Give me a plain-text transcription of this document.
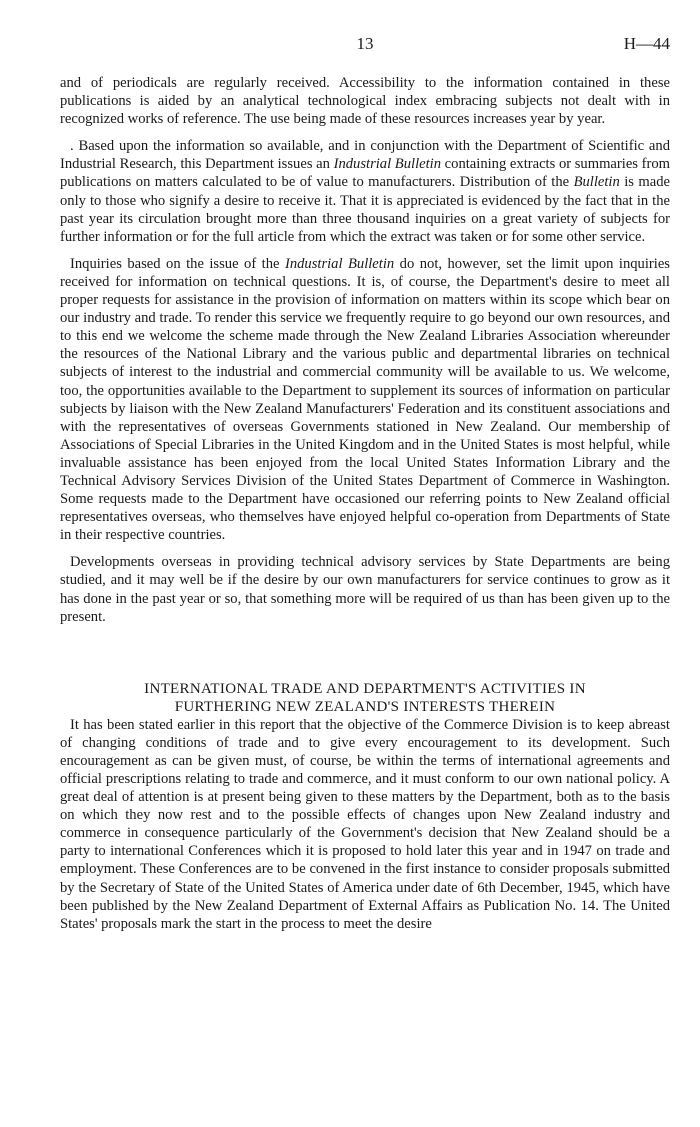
13	H—44

and of periodicals are regularly received. Accessibility to the information contained in these publications is aided by an analytical technological index embracing subjects not dealt with in recognized works of reference. The use being made of these resources increases year by year.

. Based upon the information so available, and in conjunction with the Department of Scientific and Industrial Research, this Department issues an Industrial Bulletin containing extracts or summaries from publications on matters calculated to be of value to manufacturers. Distribution of the Bulletin is made only to those who signify a desire to receive it. That it is appreciated is evidenced by the fact that in the past year its circulation brought more than three thousand inquiries on a great variety of subjects for further information or for the full article from which the extract was taken or for some other service.

Inquiries based on the issue of the Industrial Bulletin do not, however, set the limit upon inquiries received for information on technical questions. It is, of course, the Department's desire to meet all proper requests for assistance in the provision of information on matters within its scope which bear on our industry and trade. To render this service we frequently require to go beyond our own resources, and to this end we welcome the scheme made through the New Zealand Libraries Association whereunder the resources of the National Library and the various public and departmental libraries on technical subjects of interest to the industrial and commercial community will be available to us. We welcome, too, the opportunities available to the Department to supplement its sources of information on particular subjects by liaison with the New Zealand Manufacturers' Federation and its constituent associations and with the representatives of overseas Governments stationed in New Zealand. Our membership of Associations of Special Libraries in the United Kingdom and in the United States is most helpful, while invaluable assistance has been enjoyed from the local United States Information Library and the Technical Advisory Services Division of the United States Department of Commerce in Washington. Some requests made to the Department have occasioned our referring points to New Zealand official representatives overseas, who themselves have enjoyed helpful co-operation from Departments of State in their respective countries.

Developments overseas in providing technical advisory services by State Departments are being studied, and it may well be if the desire by our own manufacturers for service continues to grow as it has done in the past year or so, that something more will be required of us than has been given up to the present.

INTERNATIONAL TRADE AND DEPARTMENT'S ACTIVITIES IN
FURTHERING NEW ZEALAND'S INTERESTS THEREIN

It has been stated earlier in this report that the objective of the Commerce Division is to keep abreast of changing conditions of trade and to give every encouragement to its development. Such encouragement as can be given must, of course, be within the terms of international agreements and official prescriptions relating to trade and commerce, and it must conform to our own national policy. A great deal of attention is at present being given to these matters by the Department, both as to the basis on which they now rest and to the possible effects of changes upon New Zealand industry and commerce in consequence particularly of the Government's decision that New Zealand should be a party to international Conferences which it is proposed to hold later this year and in 1947 on trade and employment. These Conferences are to be convened in the first instance to consider proposals submitted by the Secretary of State of the United States of America under date of 6th December, 1945, which have been published by the New Zealand Department of External Affairs as Publication No. 14. The United States' proposals mark the start in the process to meet the desire
